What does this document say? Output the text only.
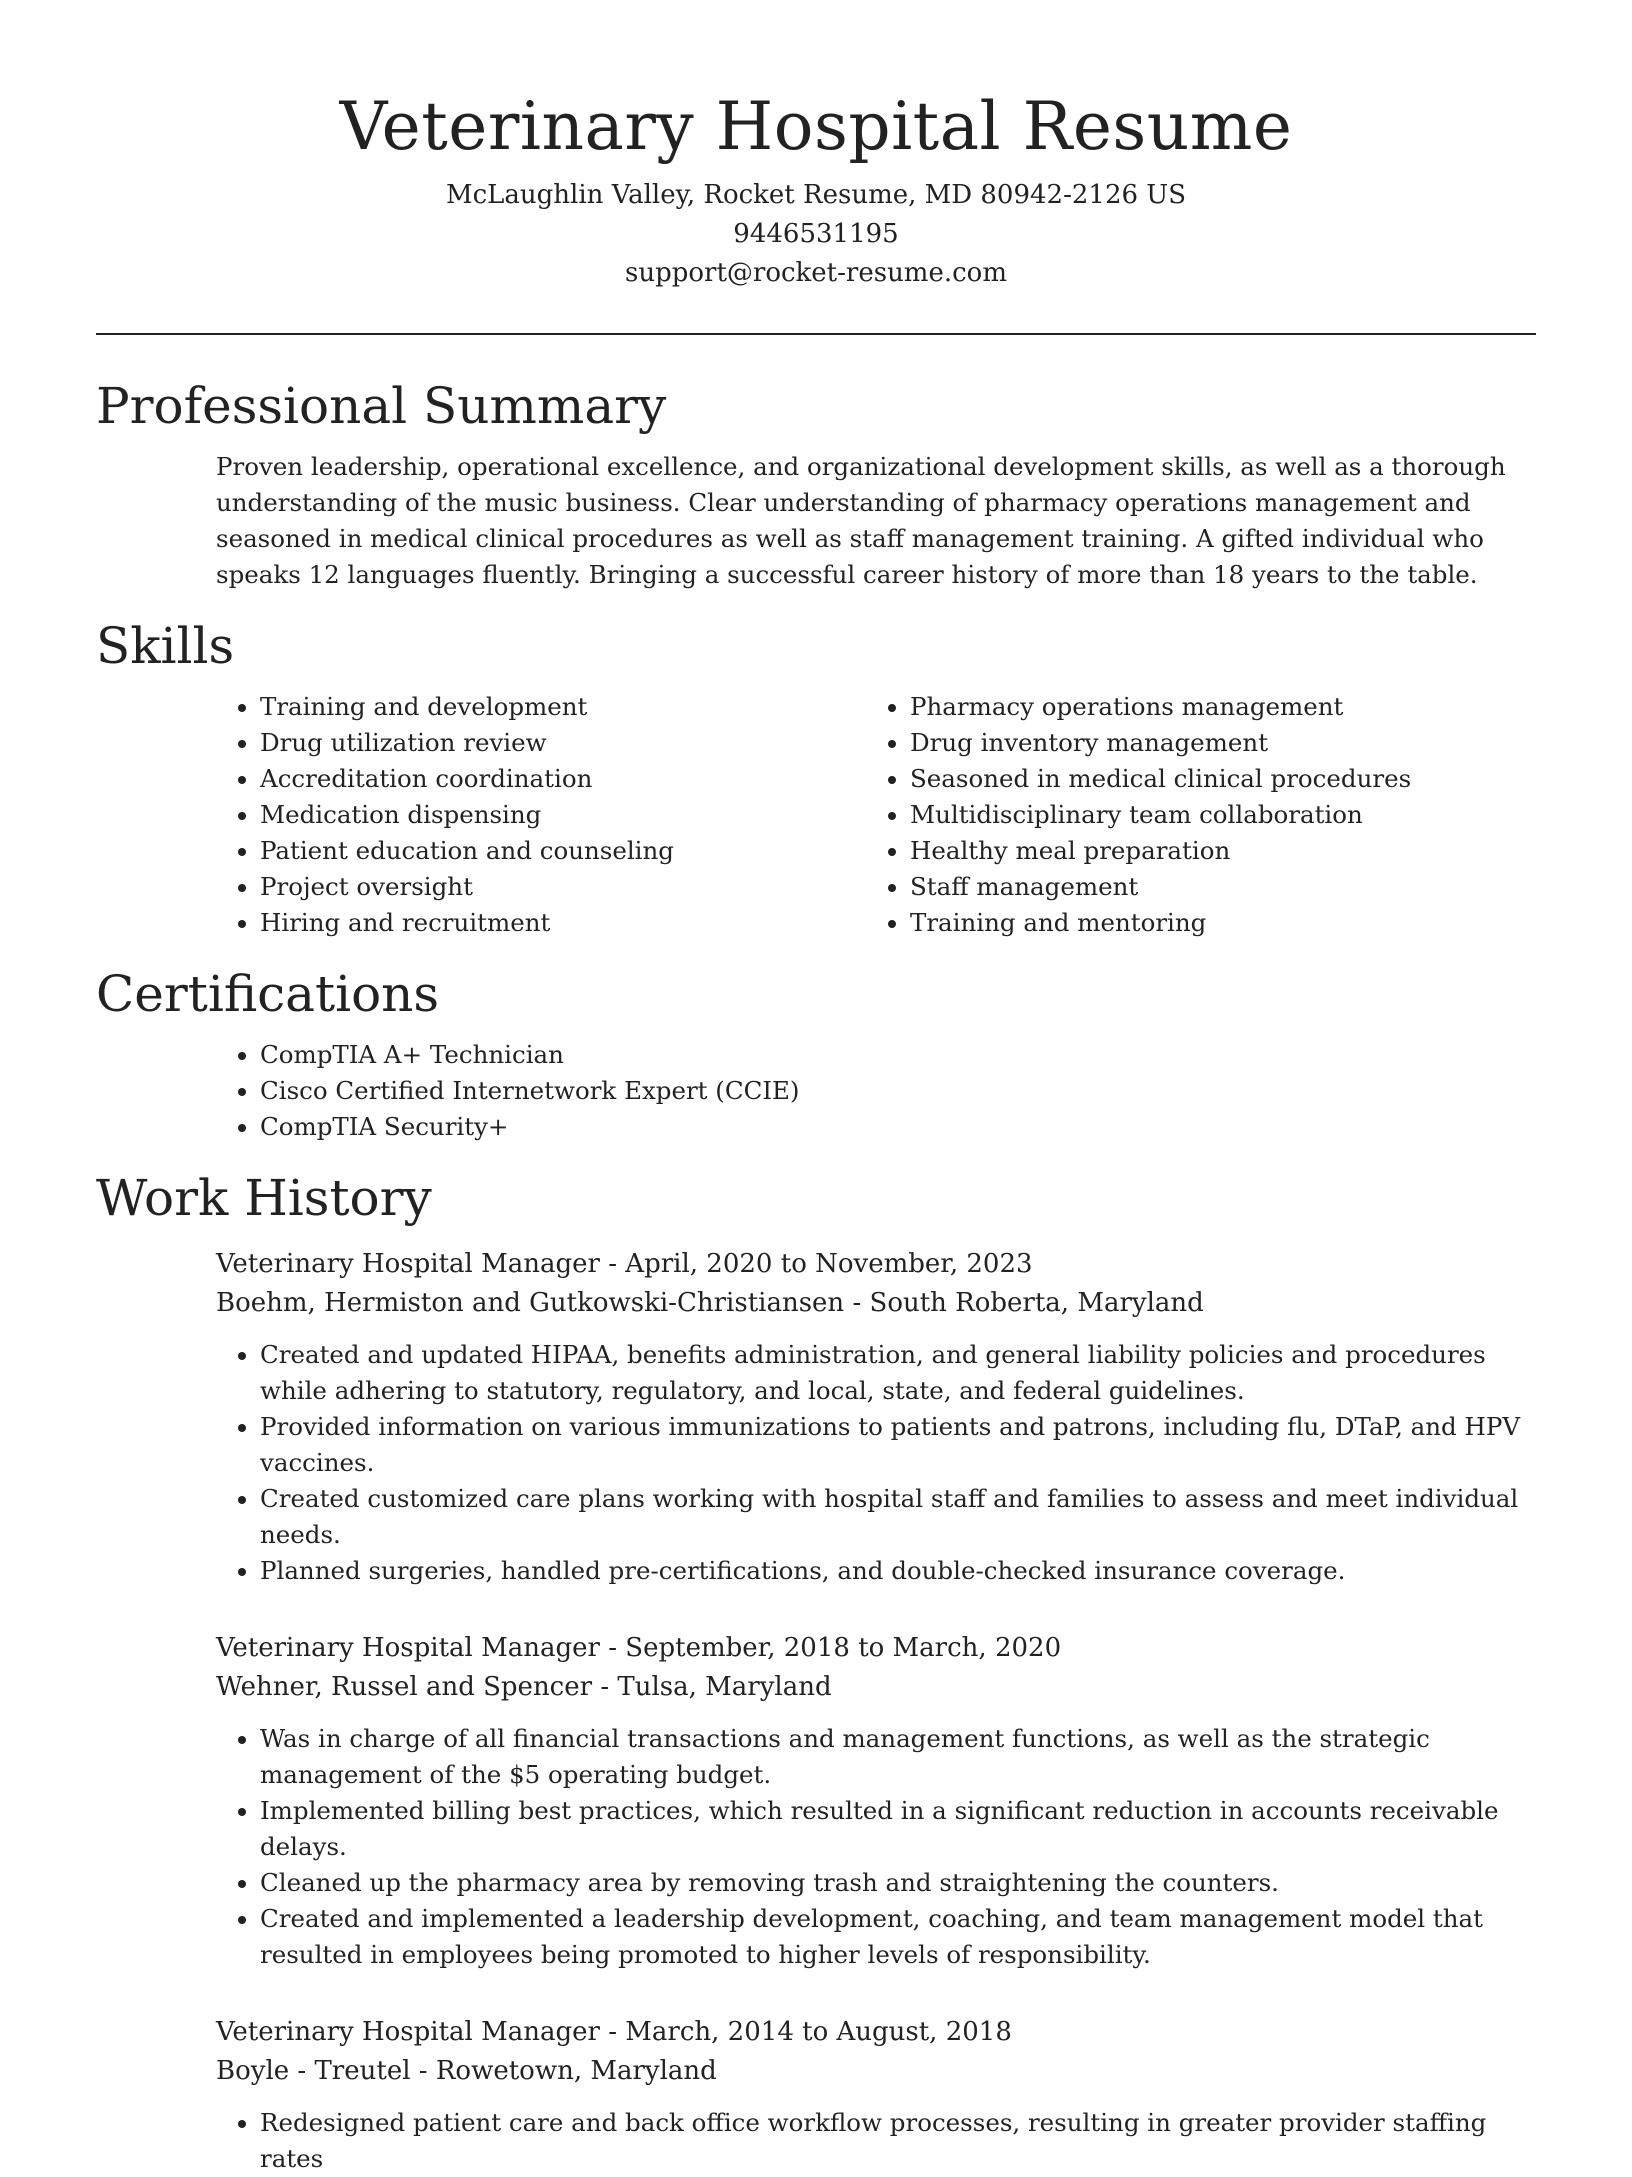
Veterinary Hospital Resume
McLaughlin Valley, Rocket Resume, MD 80942-2126 US
9446531195
support@rocket-resume.com
Professional Summary
Proven leadership, operational excellence, and organizational development skills, as well as a thorough understanding of the music business. Clear understanding of pharmacy operations management and seasoned in medical clinical procedures as well as staff management training. A gifted individual who speaks 12 languages fluently. Bringing a successful career history of more than 18 years to the table.
Skills
• Training and development
• Drug utilization review
• Accreditation coordination
• Medication dispensing
• Patient education and counseling
• Project oversight
• Hiring and recruitment
• Pharmacy operations management
• Drug inventory management
• Seasoned in medical clinical procedures
• Multidisciplinary team collaboration
• Healthy meal preparation
• Staff management
• Training and mentoring
Certifications
• CompTIA A+ Technician
• Cisco Certified Internetwork Expert (CCIE)
• CompTIA Security+
Work History
Veterinary Hospital Manager - April, 2020 to November, 2023
Boehm, Hermiston and Gutkowski-Christiansen - South Roberta, Maryland
• Created and updated HIPAA, benefits administration, and general liability policies and procedures while adhering to statutory, regulatory, and local, state, and federal guidelines.
• Provided information on various immunizations to patients and patrons, including flu, DTaP, and HPV vaccines.
• Created customized care plans working with hospital staff and families to assess and meet individual needs.
• Planned surgeries, handled pre-certifications, and double-checked insurance coverage.
Veterinary Hospital Manager - September, 2018 to March, 2020
Wehner, Russel and Spencer - Tulsa, Maryland
• Was in charge of all financial transactions and management functions, as well as the strategic management of the $5 operating budget.
• Implemented billing best practices, which resulted in a significant reduction in accounts receivable delays.
• Cleaned up the pharmacy area by removing trash and straightening the counters.
• Created and implemented a leadership development, coaching, and team management model that resulted in employees being promoted to higher levels of responsibility.
Veterinary Hospital Manager - March, 2014 to August, 2018
Boyle - Treutel - Rowetown, Maryland
• Redesigned patient care and back office workflow processes, resulting in greater provider staffing rates
